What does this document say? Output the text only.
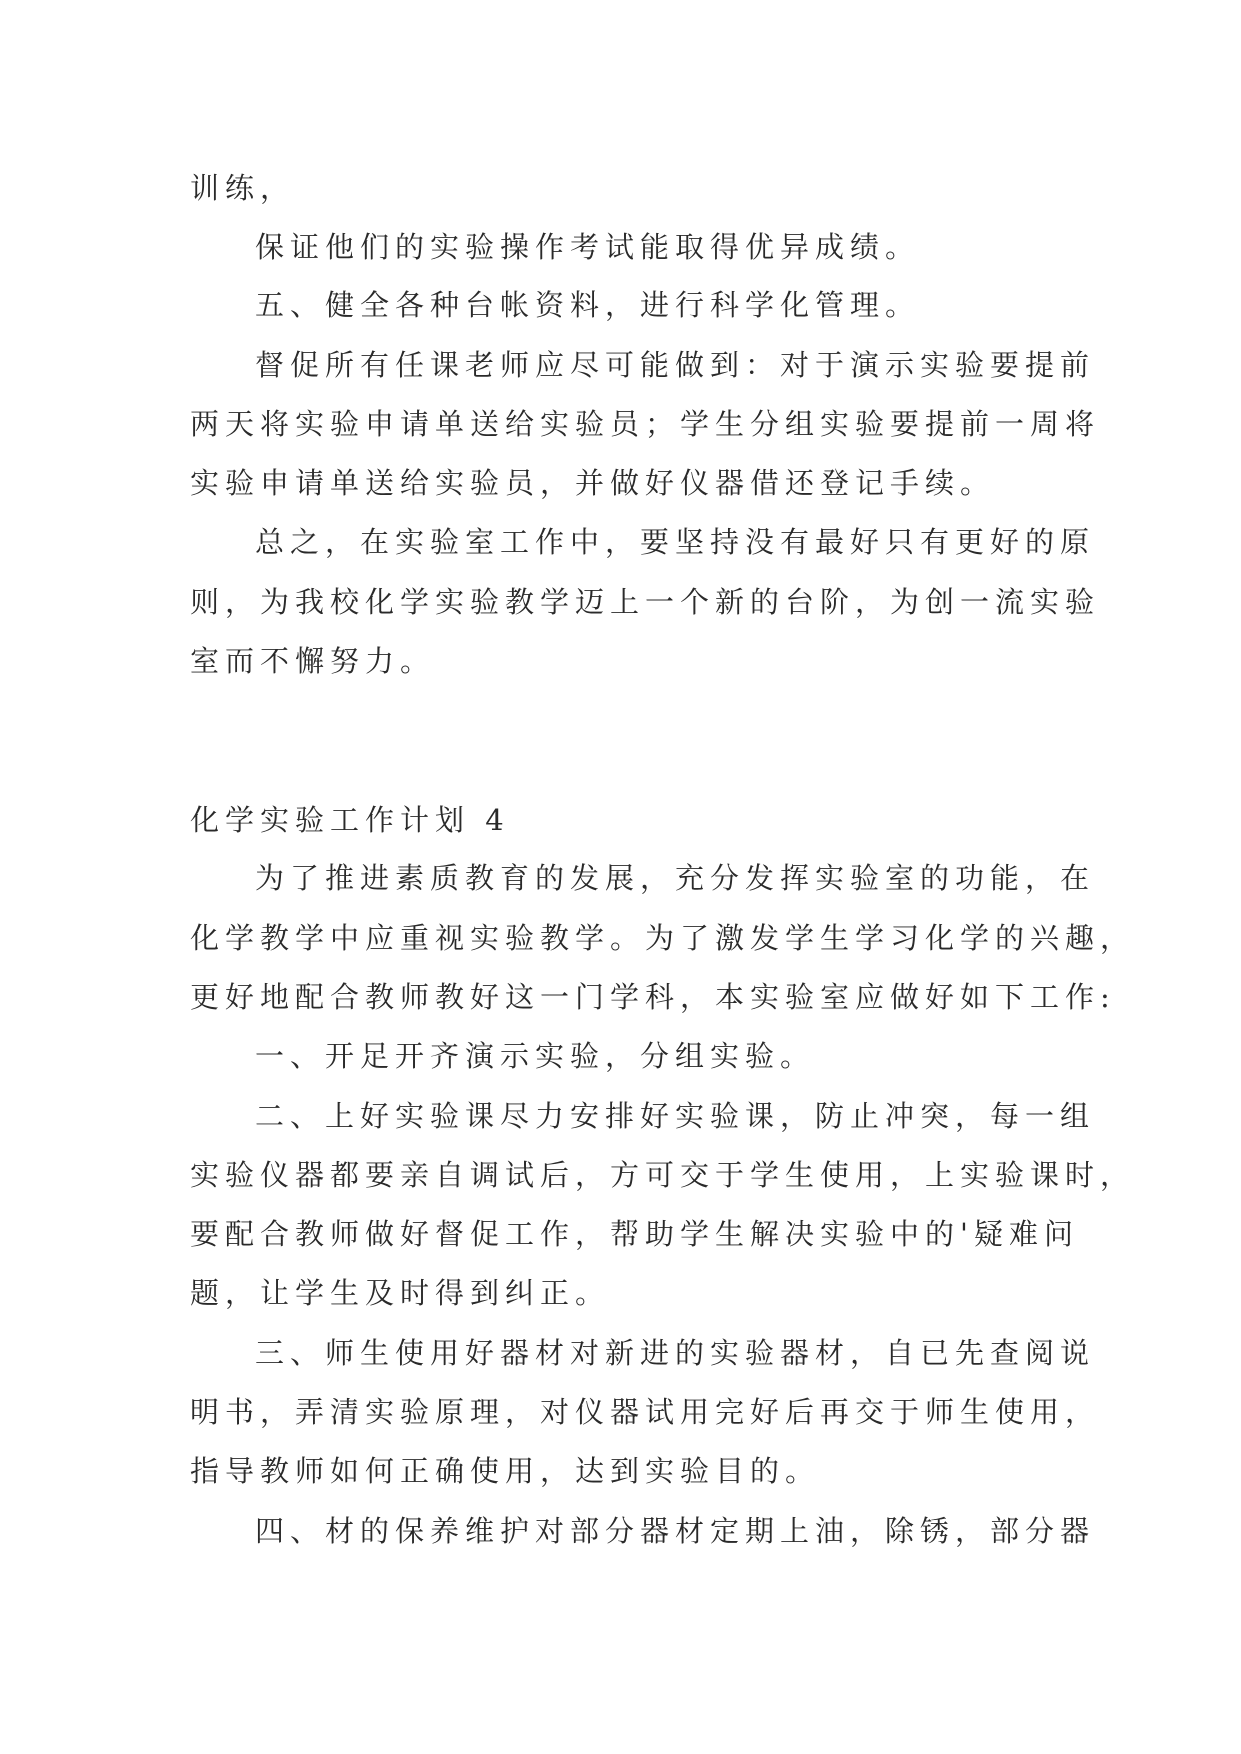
训练，
保证他们的实验操作考试能取得优异成绩。
五、健全各种台帐资料，进行科学化管理。
督促所有任课老师应尽可能做到：对于演示实验要提前
两天将实验申请单送给实验员；学生分组实验要提前一周将
实验申请单送给实验员，并做好仪器借还登记手续。
总之，在实验室工作中，要坚持没有最好只有更好的原
则，为我校化学实验教学迈上一个新的台阶，为创一流实验
室而不懈努力。
化学实验工作计划 4
为了推进素质教育的发展，充分发挥实验室的功能，在
化学教学中应重视实验教学。为了激发学生学习化学的兴趣，
更好地配合教师教好这一门学科，本实验室应做好如下工作:
一、开足开齐演示实验，分组实验。
二、上好实验课尽力安排好实验课，防止冲突，每一组
实验仪器都要亲自调试后，方可交于学生使用，上实验课时，
要配合教师做好督促工作，帮助学生解决实验中的'疑难问
题，让学生及时得到纠正。
三、师生使用好器材对新进的实验器材，自已先查阅说
明书，弄清实验原理，对仪器试用完好后再交于师生使用，
指导教师如何正确使用，达到实验目的。
四、材的保养维护对部分器材定期上油，除锈，部分器
